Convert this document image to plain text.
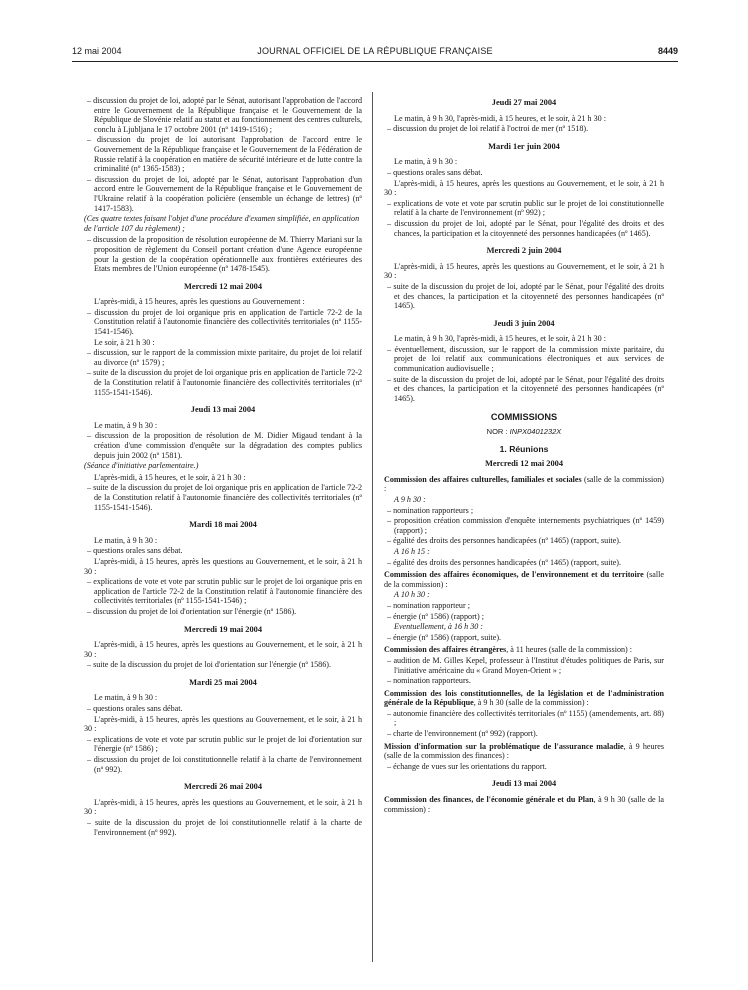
12 mai 2004	JOURNAL OFFICIEL DE LA RÉPUBLIQUE FRANÇAISE	8449

– discussion du projet de loi, adopté par le Sénat, autorisant l'approbation de l'accord entre le Gouvernement de la République française et le Gouvernement de la République de Slovénie relatif au statut et au fonctionnement des centres culturels, conclu à Ljubljana le 17 octobre 2001 (nº 1419-1516) ;

– discussion du projet de loi autorisant l'approbation de l'accord entre le Gouvernement de la République française et le Gouvernement de la Fédération de Russie relatif à la coopération en matière de sécurité intérieure et de lutte contre la criminalité (nº 1365-1583) ;

– discussion du projet de loi, adopté par le Sénat, autorisant l'approbation d'un accord entre le Gouvernement de la République française et le Gouvernement de l'Ukraine relatif à la coopération policière (ensemble un échange de lettres) (nº 1417-1583).

(Ces quatre textes faisant l'objet d'une procédure d'examen simplifiée, en application de l'article 107 du règlement) ;

– discussion de la proposition de résolution européenne de M. Thierry Mariani sur la proposition de règlement du Conseil portant création d'une Agence européenne pour la gestion de la coopération opérationnelle aux frontières extérieures des Etats membres de l'Union européenne (nº 1478-1545).

Mercredi 12 mai 2004

L'après-midi, à 15 heures, après les questions au Gouvernement :

– discussion du projet de loi organique pris en application de l'article 72-2 de la Constitution relatif à l'autonomie financière des collectivités territoriales (nº 1155-1541-1546).

Le soir, à 21 h 30 :

– discussion, sur le rapport de la commission mixte paritaire, du projet de loi relatif au divorce (nº 1579) ;

– suite de la discussion du projet de loi organique pris en application de l'article 72-2 de la Constitution relatif à l'autonomie financière des collectivités territoriales (nº 1155-1541-1546).

Jeudi 13 mai 2004

Le matin, à 9 h 30 :

– discussion de la proposition de résolution de M. Didier Migaud tendant à la création d'une commission d'enquête sur la dégradation des comptes publics depuis juin 2002 (nº 1581).

(Séance d'initiative parlementaire.)

L'après-midi, à 15 heures, et le soir, à 21 h 30 :

– suite de la discussion du projet de loi organique pris en application de l'article 72-2 de la Constitution relatif à l'autonomie financière des collectivités territoriales (nº 1155-1541-1546).

Mardi 18 mai 2004

Le matin, à 9 h 30 :

– questions orales sans débat.

L'après-midi, à 15 heures, après les questions au Gouvernement, et le soir, à 21 h 30 :

– explications de vote et vote par scrutin public sur le projet de loi organique pris en application de l'article 72-2 de la Constitution relatif à l'autonomie financière des collectivités territoriales (nº 1155-1541-1546) ;

– discussion du projet de loi d'orientation sur l'énergie (nº 1586).

Mercredi 19 mai 2004

L'après-midi, à 15 heures, après les questions au Gouvernement, et le soir, à 21 h 30 :

– suite de la discussion du projet de loi d'orientation sur l'énergie (nº 1586).

Mardi 25 mai 2004

Le matin, à 9 h 30 :

– questions orales sans débat.

L'après-midi, à 15 heures, après les questions au Gouvernement, et le soir, à 21 h 30 :

– explications de vote et vote par scrutin public sur le projet de loi d'orientation sur l'énergie (nº 1586) ;

– discussion du projet de loi constitutionnelle relatif à la charte de l'environnement (nº 992).

Mercredi 26 mai 2004

L'après-midi, à 15 heures, après les questions au Gouvernement, et le soir, à 21 h 30 :

– suite de la discussion du projet de loi constitutionnelle relatif à la charte de l'environnement (nº 992).

Jeudi 27 mai 2004

Le matin, à 9 h 30, l'après-midi, à 15 heures, et le soir, à 21 h 30 :

– discussion du projet de loi relatif à l'octroi de mer (nº 1518).

Mardi 1er juin 2004

Le matin, à 9 h 30 :

– questions orales sans débat.

L'après-midi, à 15 heures, après les questions au Gouvernement, et le soir, à 21 h 30 :

– explications de vote et vote par scrutin public sur le projet de loi constitutionnelle relatif à la charte de l'environnement (nº 992) ;

– discussion du projet de loi, adopté par le Sénat, pour l'égalité des droits et des chances, la participation et la citoyenneté des personnes handicapées (nº 1465).

Mercredi 2 juin 2004

L'après-midi, à 15 heures, après les questions au Gouvernement, et le soir, à 21 h 30 :

– suite de la discussion du projet de loi, adopté par le Sénat, pour l'égalité des droits et des chances, la participation et la citoyenneté des personnes handicapées (nº 1465).

Jeudi 3 juin 2004

Le matin, à 9 h 30, l'après-midi, à 15 heures, et le soir, à 21 h 30 :

– éventuellement, discussion, sur le rapport de la commission mixte paritaire, du projet de loi relatif aux communications électroniques et aux services de communication audiovisuelle ;

– suite de la discussion du projet de loi, adopté par le Sénat, pour l'égalité des droits et des chances, la participation et la citoyenneté des personnes handicapées (nº 1465).

COMMISSIONS
NOR : INPX0401232X
1. Réunions
Mercredi 12 mai 2004

Commission des affaires culturelles, familiales et sociales (salle de la commission) :

A 9 h 30 :

– nomination rapporteurs ;

– proposition création commission d'enquête internements psychiatriques (nº 1459) (rapport) ;

– égalité des droits des personnes handicapées (nº 1465) (rapport, suite).

A 16 h 15 :

– égalité des droits des personnes handicapées (nº 1465) (rapport, suite).

Commission des affaires économiques, de l'environnement et du territoire (salle de la commission) :

A 10 h 30 :

– nomination rapporteur ;

– énergie (nº 1586) (rapport) ;

Eventuellement, à 16 h 30 :

– énergie (nº 1586) (rapport, suite).

Commission des affaires étrangères, à 11 heures (salle de la commission) :

– audition de M. Gilles Kepel, professeur à l'Institut d'études politiques de Paris, sur l'initiative américaine du « Grand Moyen-Orient » ;

– nomination rapporteurs.

Commission des lois constitutionnelles, de la législation et de l'administration générale de la République, à 9 h 30 (salle de la commission) :

– autonomie financière des collectivités territoriales (nº 1155) (amendements, art. 88) ;

– charte de l'environnement (nº 992) (rapport).

Mission d'information sur la problématique de l'assurance maladie, à 9 heures (salle de la commission des finances) :

– échange de vues sur les orientations du rapport.

Jeudi 13 mai 2004

Commission des finances, de l'économie générale et du Plan, à 9 h 30 (salle de la commission) :
